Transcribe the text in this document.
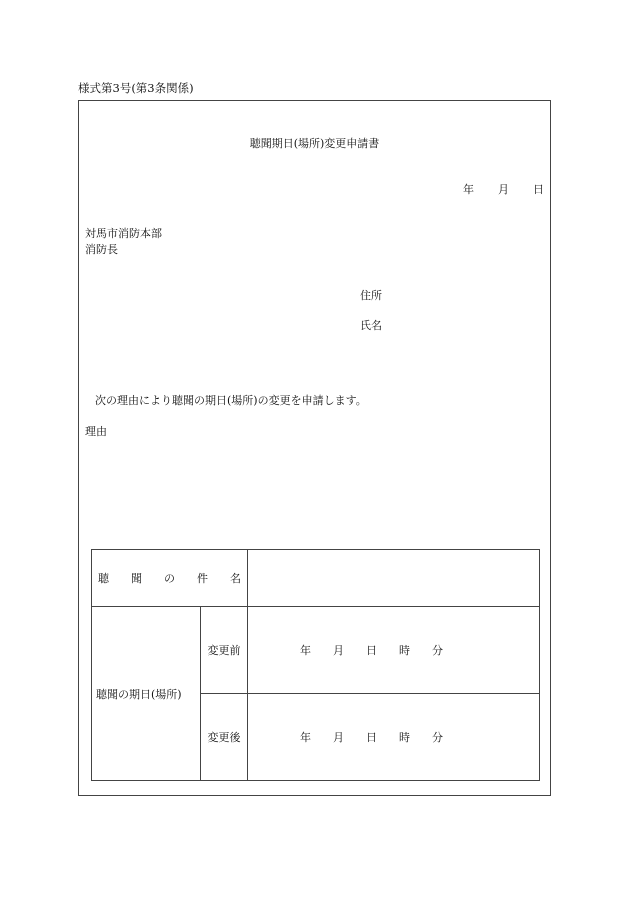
様式第3号(第3条関係)
聴聞期日(場所)変更申請書
年 月 日
対馬市消防本部
消防長
住所
氏名
次の理由により聴聞の期日(場所)の変更を申請します。
理由
聴 聞 の 件 名		

聴聞の期日(場所)	変更前	年 月 日 時 分

	変更後	年 月 日 時 分
